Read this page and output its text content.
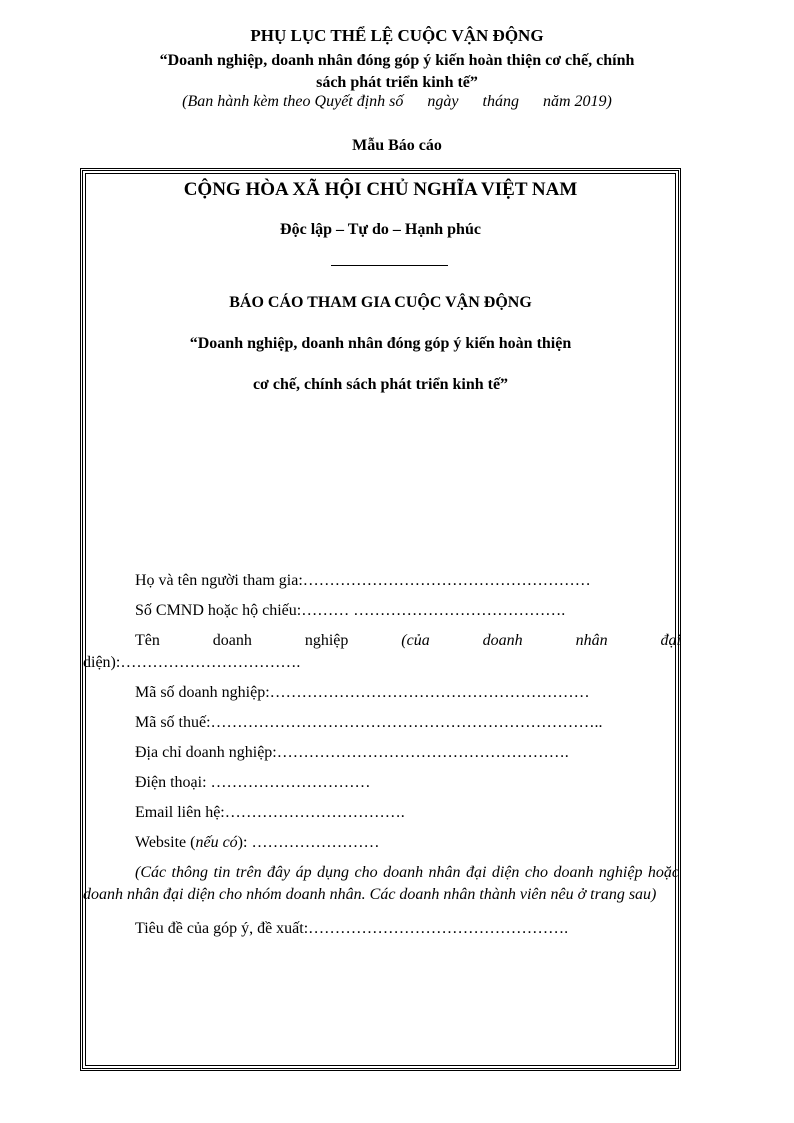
PHỤ LỤC THỂ LỆ CUỘC VẬN ĐỘNG
“Doanh nghiệp, doanh nhân đóng góp ý kiến hoàn thiện cơ chế, chính sách phát triển kinh tế”
(Ban hành kèm theo Quyết định số ngày tháng năm 2019)
Mẫu Báo cáo
CỘNG HÒA XÃ HỘI CHỦ NGHĨA VIỆT NAM
Độc lập – Tự do – Hạnh phúc
BÁO CÁO THAM GIA CUỘC VẬN ĐỘNG
“Doanh nghiệp, doanh nhân đóng góp ý kiến hoàn thiện
cơ chế, chính sách phát triển kinh tế”
Họ và tên người tham gia:………………………………………………
Số CMND hoặc hộ chiếu:……… ………………………………….
Tên	doanh	nghiệp	(của	doanh	nhân	đại
diện):…………………………….
Mã số doanh nghiệp:……………………………………………………
Mã số thuế:………………………………………………………………..
Địa chỉ doanh nghiệp:……………………………………………….
Điện thoại: …………………………
Email liên hệ:…………………………….
Website (nếu có): ……………………
(Các thông tin trên đây áp dụng cho doanh nhân đại diện cho doanh nghiệp hoặc doanh nhân đại diện cho nhóm doanh nhân. Các doanh nhân thành viên nêu ở trang sau)
Tiêu đề của góp ý, đề xuất:………………………………………….
